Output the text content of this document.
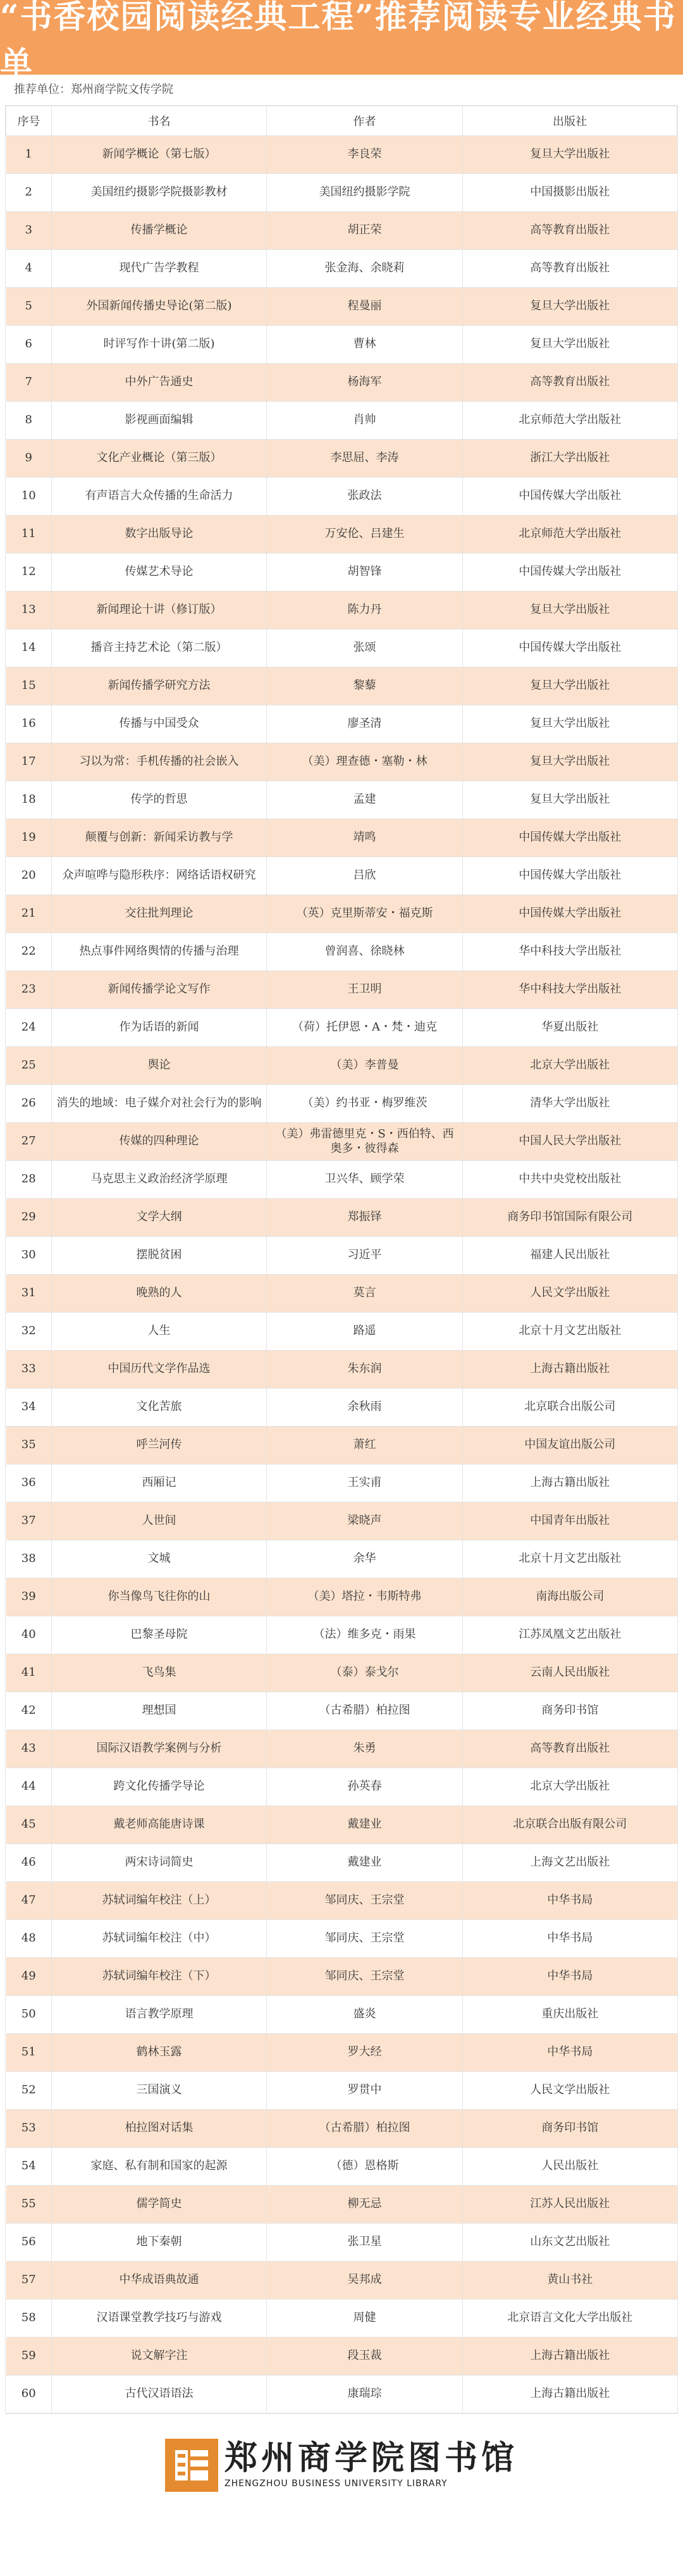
“书香校园阅读经典工程”推荐阅读专业经典书单
推荐单位：郑州商学院文传学院
序号	书名	作者	出版社
1	新闻学概论（第七版）	李良荣	复旦大学出版社
2	美国纽约摄影学院摄影教材	美国纽约摄影学院	中国摄影出版社
3	传播学概论	胡正荣	高等教育出版社
4	现代广告学教程	张金海、余晓莉	高等教育出版社
5	外国新闻传播史导论(第二版)	程曼丽	复旦大学出版社
6	时评写作十讲(第二版)	曹林	复旦大学出版社
7	中外广告通史	杨海军	高等教育出版社
8	影视画面编辑	肖帅	北京师范大学出版社
9	文化产业概论（第三版）	李思屈、李涛	浙江大学出版社
10	有声语言大众传播的生命活力	张政法	中国传媒大学出版社
11	数字出版导论	万安伦、吕建生	北京师范大学出版社
12	传媒艺术导论	胡智锋	中国传媒大学出版社
13	新闻理论十讲（修订版）	陈力丹	复旦大学出版社
14	播音主持艺术论（第二版）	张颂	中国传媒大学出版社
15	新闻传播学研究方法	黎藜	复旦大学出版社
16	传播与中国受众	廖圣清	复旦大学出版社
17	习以为常：手机传播的社会嵌入	（美）理查德・塞勒・林	复旦大学出版社
18	传学的哲思	孟建	复旦大学出版社
19	颠覆与创新：新闻采访教与学	靖鸣	中国传媒大学出版社
20	众声喧哗与隐形秩序：网络话语权研究	吕欣	中国传媒大学出版社
21	交往批判理论	（英）克里斯蒂安・福克斯	中国传媒大学出版社
22	热点事件网络舆情的传播与治理	曾润喜、徐晓林	华中科技大学出版社
23	新闻传播学论文写作	王卫明	华中科技大学出版社
24	作为话语的新闻	（荷）托伊恩・A・梵・迪克	华夏出版社
25	舆论	（美）李普曼	北京大学出版社
26	消失的地域：电子媒介对社会行为的影响	（美）约书亚・梅罗维茨	清华大学出版社
27	传媒的四种理论	（美）弗雷德里克・S・西伯特、西奥多・彼得森	中国人民大学出版社
28	马克思主义政治经济学原理	卫兴华、顾学荣	中共中央党校出版社
29	文学大纲	郑振铎	商务印书馆国际有限公司
30	摆脱贫困	习近平	福建人民出版社
31	晚熟的人	莫言	人民文学出版社
32	人生	路遥	北京十月文艺出版社
33	中国历代文学作品选	朱东润	上海古籍出版社
34	文化苦旅	余秋雨	北京联合出版公司
35	呼兰河传	萧红	中国友谊出版公司
36	西厢记	王实甫	上海古籍出版社
37	人世间	梁晓声	中国青年出版社
38	文城	余华	北京十月文艺出版社
39	你当像鸟飞往你的山	（美）塔拉・韦斯特弗	南海出版公司
40	巴黎圣母院	（法）维多克・雨果	江苏凤凰文艺出版社
41	飞鸟集	（泰）泰戈尔	云南人民出版社
42	理想国	（古希腊）柏拉图	商务印书馆
43	国际汉语教学案例与分析	朱勇	高等教育出版社
44	跨文化传播学导论	孙英春	北京大学出版社
45	戴老师高能唐诗课	戴建业	北京联合出版有限公司
46	两宋诗词简史	戴建业	上海文艺出版社
47	苏轼词编年校注（上）	邹同庆、王宗堂	中华书局
48	苏轼词编年校注（中）	邹同庆、王宗堂	中华书局
49	苏轼词编年校注（下）	邹同庆、王宗堂	中华书局
50	语言教学原理	盛炎	重庆出版社
51	鹤林玉露	罗大经	中华书局
52	三国演义	罗贯中	人民文学出版社
53	柏拉图对话集	（古希腊）柏拉图	商务印书馆
54	家庭、私有制和国家的起源	（德）恩格斯	人民出版社
55	儒学简史	柳无忌	江苏人民出版社
56	地下秦朝	张卫星	山东文艺出版社
57	中华成语典故通	吴邦成	黄山书社
58	汉语课堂教学技巧与游戏	周健	北京语言文化大学出版社
59	说文解字注	段玉裁	上海古籍出版社
60	古代汉语语法	康瑞琮	上海古籍出版社
郑州商学院图书馆
ZHENGZHOU BUSINESS UNIVERSITY LIBRARY
